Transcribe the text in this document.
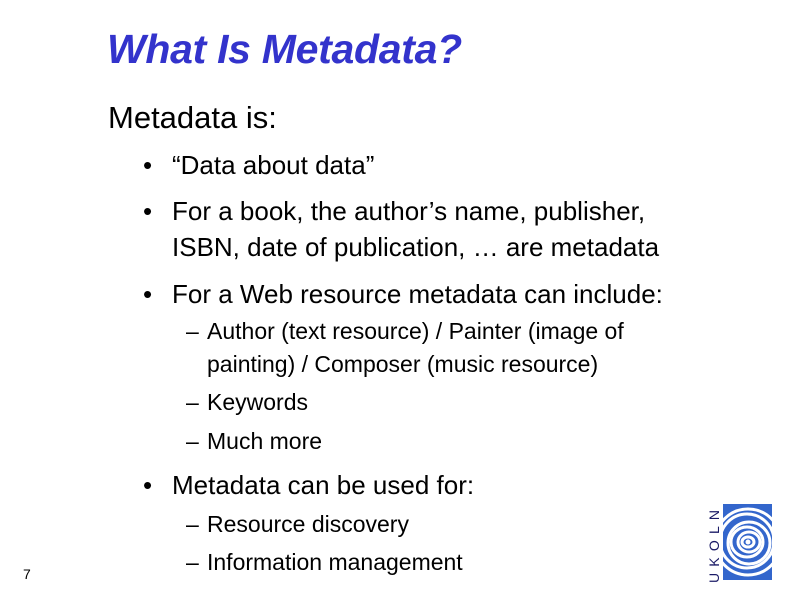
What Is Metadata?
Metadata is:
• “Data about data”
• For a book, the author’s name, publisher,
ISBN, date of publication, … are metadata
• For a Web resource metadata can include:
– Author (text resource) / Painter (image of
painting) / Composer (music resource)
– Keywords
– Much more
• Metadata can be used for:
– Resource discovery
– Information management
7	UKOLN
